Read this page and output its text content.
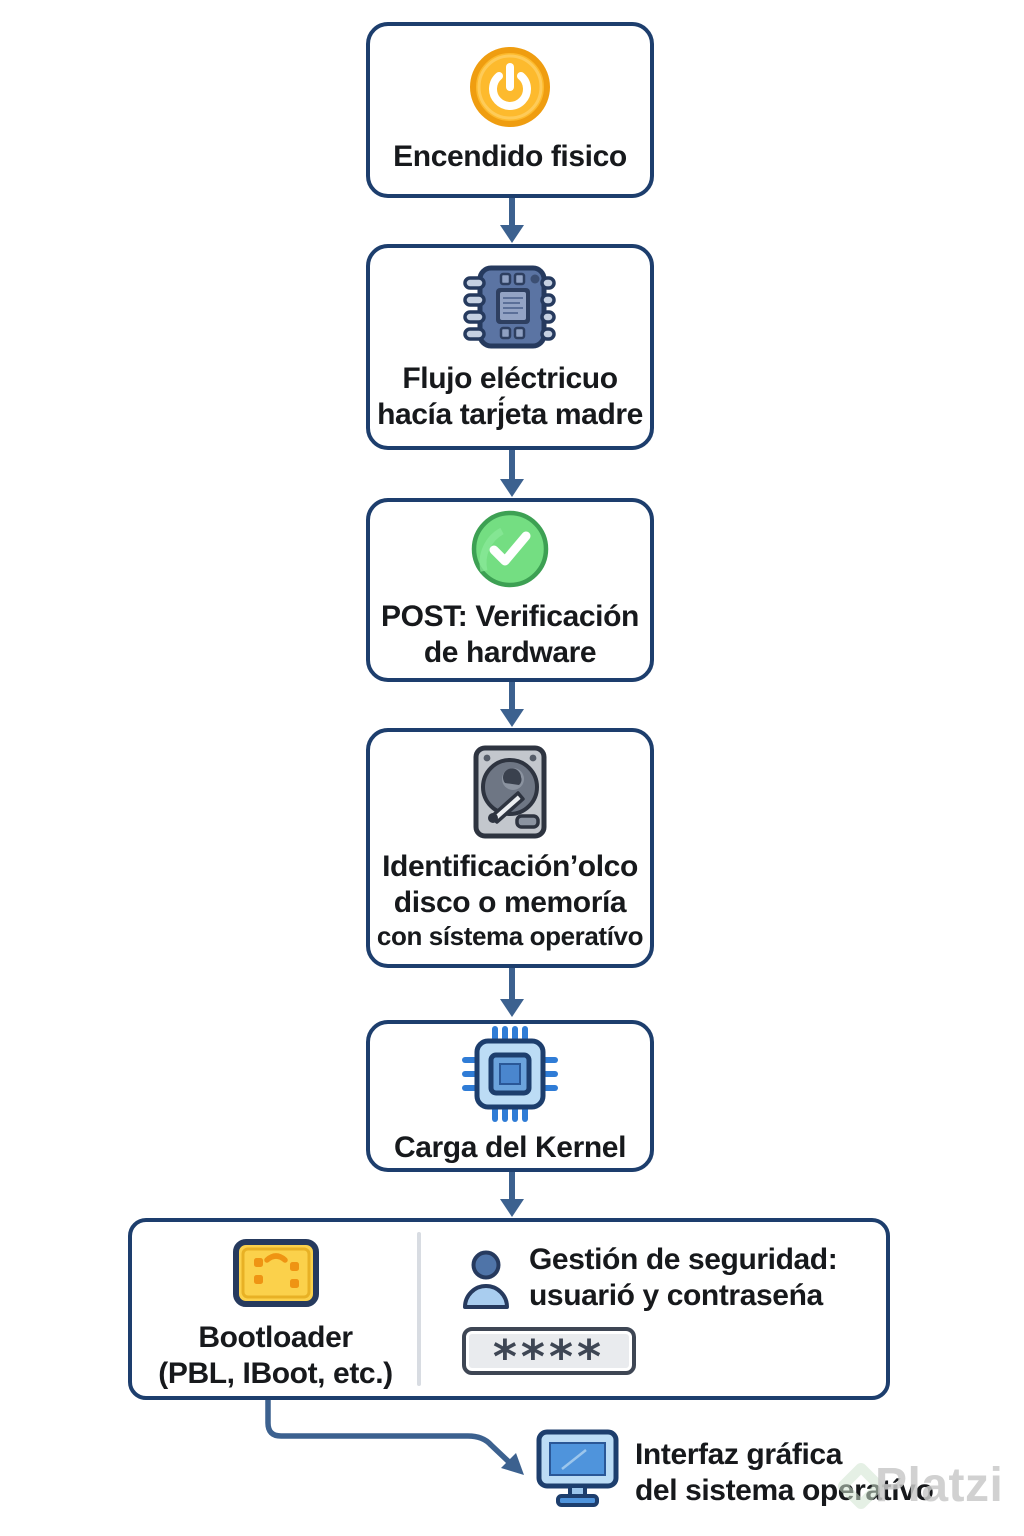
Encendido fisico
Flujo eléctricuo
hacía tarj́eta madre
POST: Verificación
de hardware
Identificación’olco
disco o memoría
con sístema operatívo
Carga del Kernel
Bootloader
(PBL, IBoot, etc.)
Gestión de seguridad:
usuarió y contraseńa
****
Interfaz gráfica
del sistema operatívo
Platzi
